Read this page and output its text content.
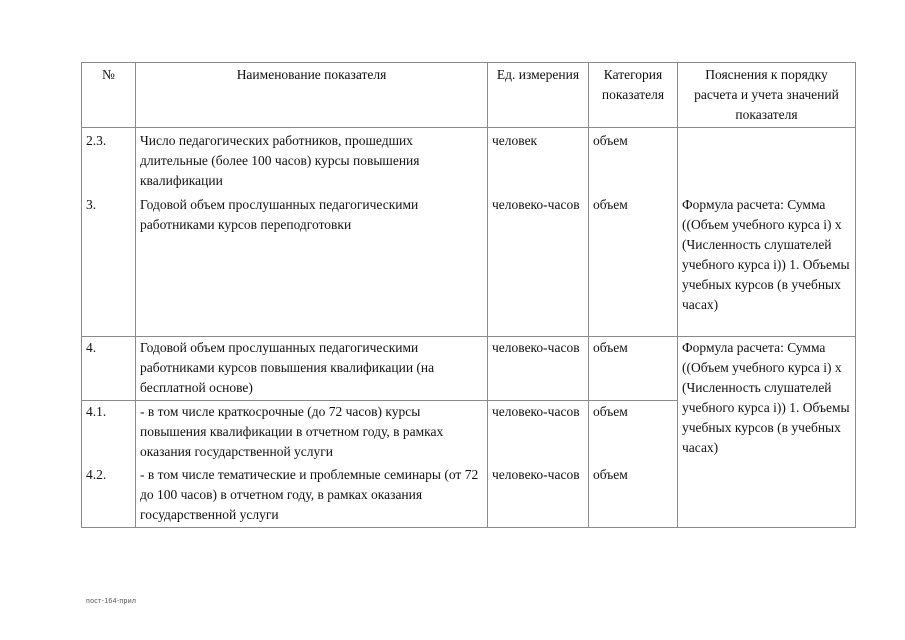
№	Наименование показателя	Ед. измерения	Категория показателя	Пояснения к порядку расчета и учета значений показателя
2.3.	Число педагогических работников, прошедших длительные (более 100 часов) курсы повышения квалификации	человек	объем	
3.	Годовой объем прослушанных педагогическими работниками курсов переподготовки	человеко-часов	объем	Формула расчета: Сумма ((Объем учебного курса i) x (Численность слушателей учебного курса i)) 1. Объемы учебных курсов (в учебных часах)
4.	Годовой объем прослушанных педагогическими работниками курсов повышения квалификации (на бесплатной основе)	человеко-часов	объем	Формула расчета: Сумма ((Объем учебного курса i) x (Численность слушателей учебного курса i)) 1. Объемы учебных курсов (в учебных часах)
4.1.	- в том числе краткосрочные (до 72 часов) курсы повышения квалификации в отчетном году, в рамках оказания государственной услуги	человеко-часов	объем	
4.2.	- в том числе тематические и проблемные семинары (от 72 до 100 часов) в отчетном году, в рамках оказания государственной услуги	человеко-часов	объем	
пост-164-прил
